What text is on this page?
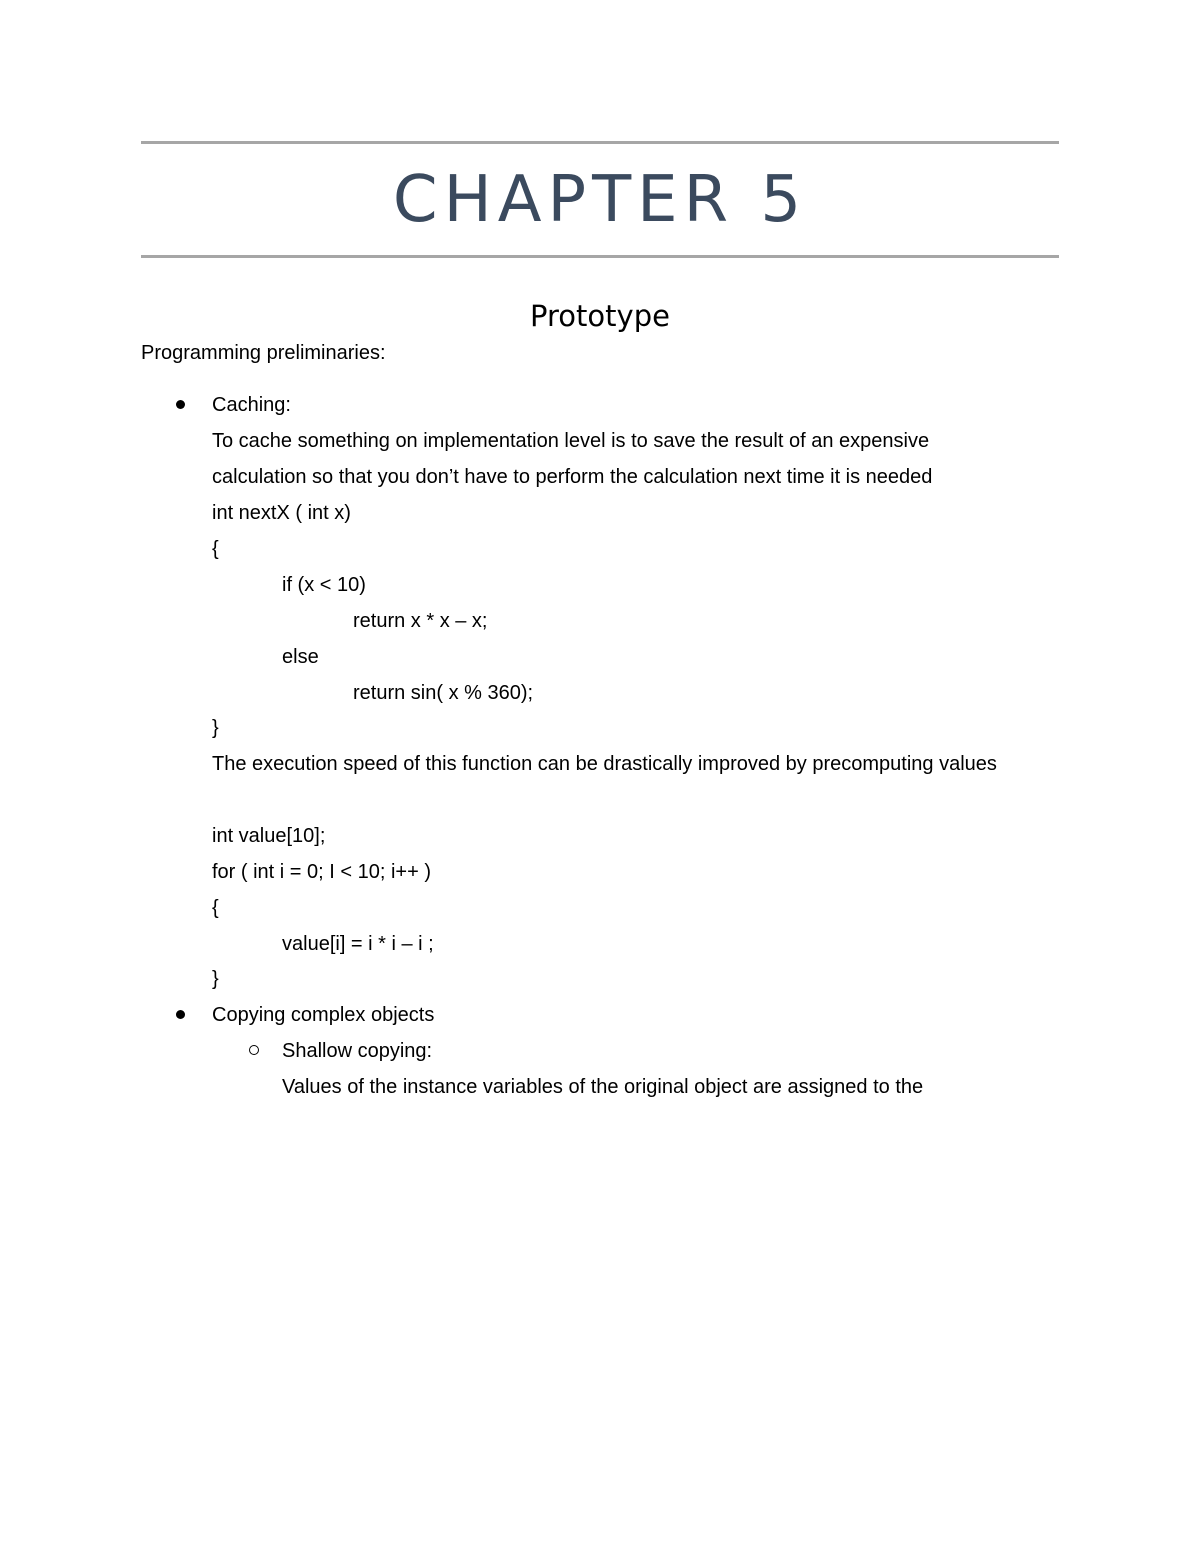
CHAPTER 5
Prototype
Programming preliminaries:
Caching:
To cache something on implementation level is to save the result of an expensive
calculation so that you don’t have to perform the calculation next time it is needed
int nextX ( int x)
{
if (x < 10)
return x * x – x;
else
return sin( x % 360);
}
The execution speed of this function can be drastically improved by precomputing values
int value[10];
for ( int i = 0; I < 10; i++ )
{
value[i] = i * i – i ;
}
Copying complex objects
Shallow copying:
Values of the instance variables of the original object are assigned to the
